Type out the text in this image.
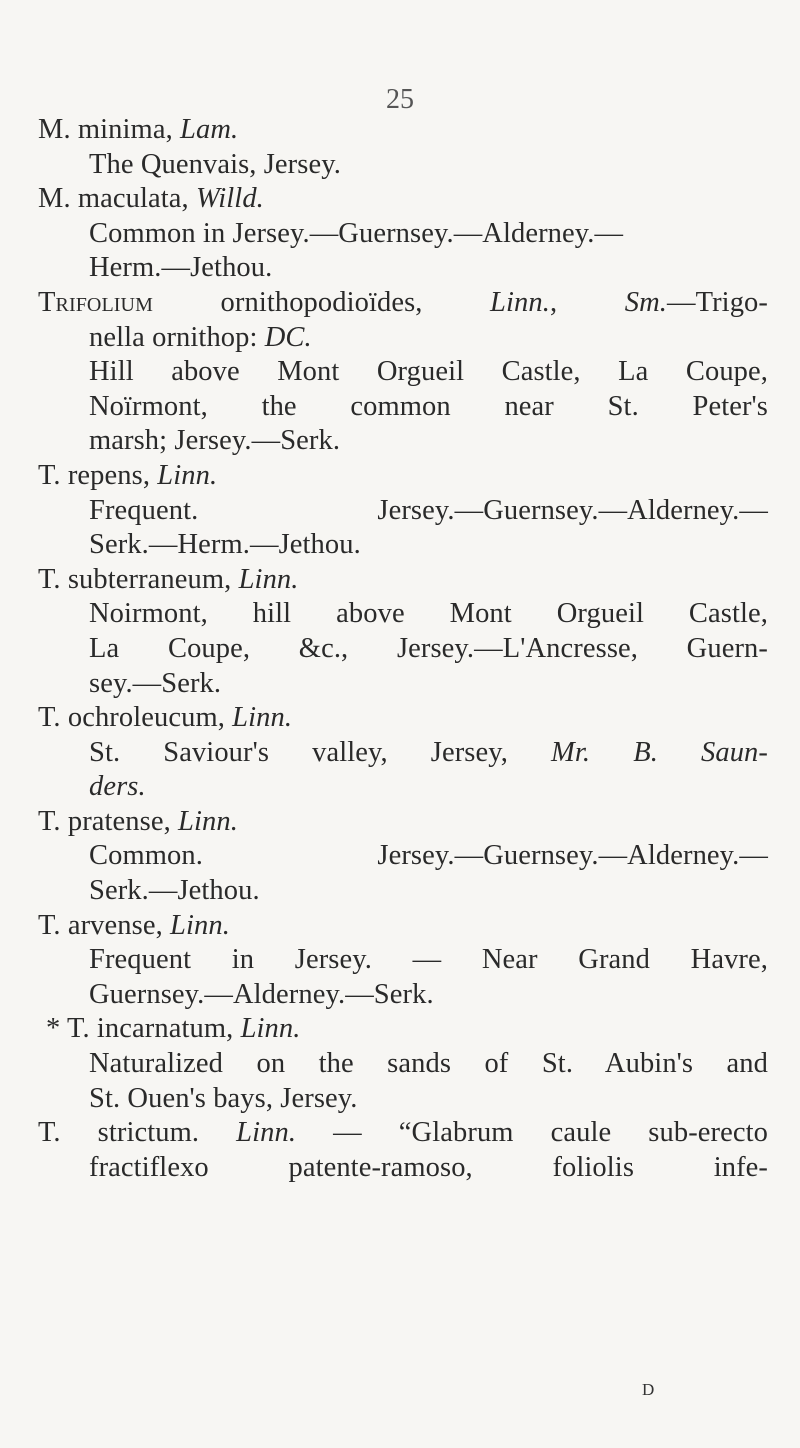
25
M. minima, Lam.
The Quenvais, Jersey.
M. maculata, Willd.
Common in Jersey.—Guernsey.—Alderney.—
Herm.—Jethou.
Trifolium ornithopodioïdes, Linn., Sm.—Trigo-
nella ornithop: DC.
Hill above Mont Orgueil Castle, La Coupe,
Noïrmont, the common near St. Peter's
marsh; Jersey.—Serk.
T. repens, Linn.
Frequent. Jersey.—Guernsey.—Alderney.—
Serk.—Herm.—Jethou.
T. subterraneum, Linn.
Noirmont, hill above Mont Orgueil Castle,
La Coupe, &c., Jersey.—L'Ancresse, Guern-
sey.—Serk.
T. ochroleucum, Linn.
St. Saviour's valley, Jersey, Mr. B. Saun-
ders.
T. pratense, Linn.
Common. Jersey.—Guernsey.—Alderney.—
Serk.—Jethou.
T. arvense, Linn.
Frequent in Jersey. — Near Grand Havre,
Guernsey.—Alderney.—Serk.
* T. incarnatum, Linn.
Naturalized on the sands of St. Aubin's and
St. Ouen's bays, Jersey.
T. strictum. Linn. — “Glabrum caule sub-erecto
fractiflexo patente-ramoso, foliolis infe-
D
